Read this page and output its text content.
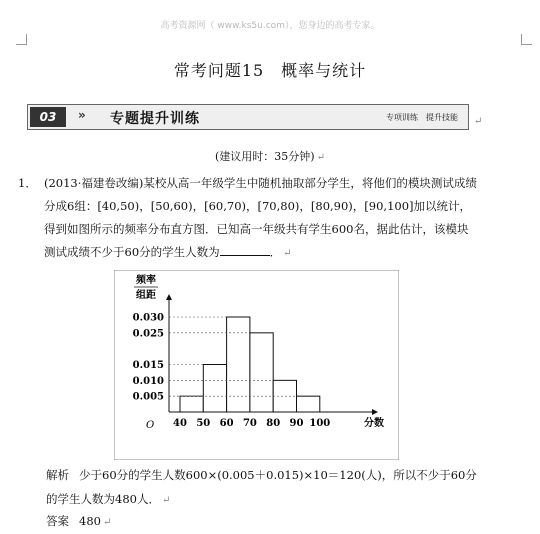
高考资源网（ www.ks5u.com），您身边的高考专家。
常考问题15　概率与统计
03	» 专题提升训练	专项训练　提升技能 ↵
(建议用时：35分钟) ↵
1． (2013·福建卷改编)某校从高一年级学生中随机抽取部分学生，将他们的模块测试成绩分成6组：[40,50)，[50,60)，[60,70)，[70,80)，[80,90)，[90,100]加以统计，得到如图所示的频率分布直方图．已知高一年级共有学生600名，据此估计，该模块测试成绩不少于60分的学生人数为	． ↵
频率
组距
0.005
0.010
0.015
0.025
0.030
O 40 50 60 70 80 90 100	分数
解析 少于60分的学生人数600×(0.005＋0.015)×10＝120(人)，所以不少于60分的学生人数为480人． ↵
答案 480 ↵
